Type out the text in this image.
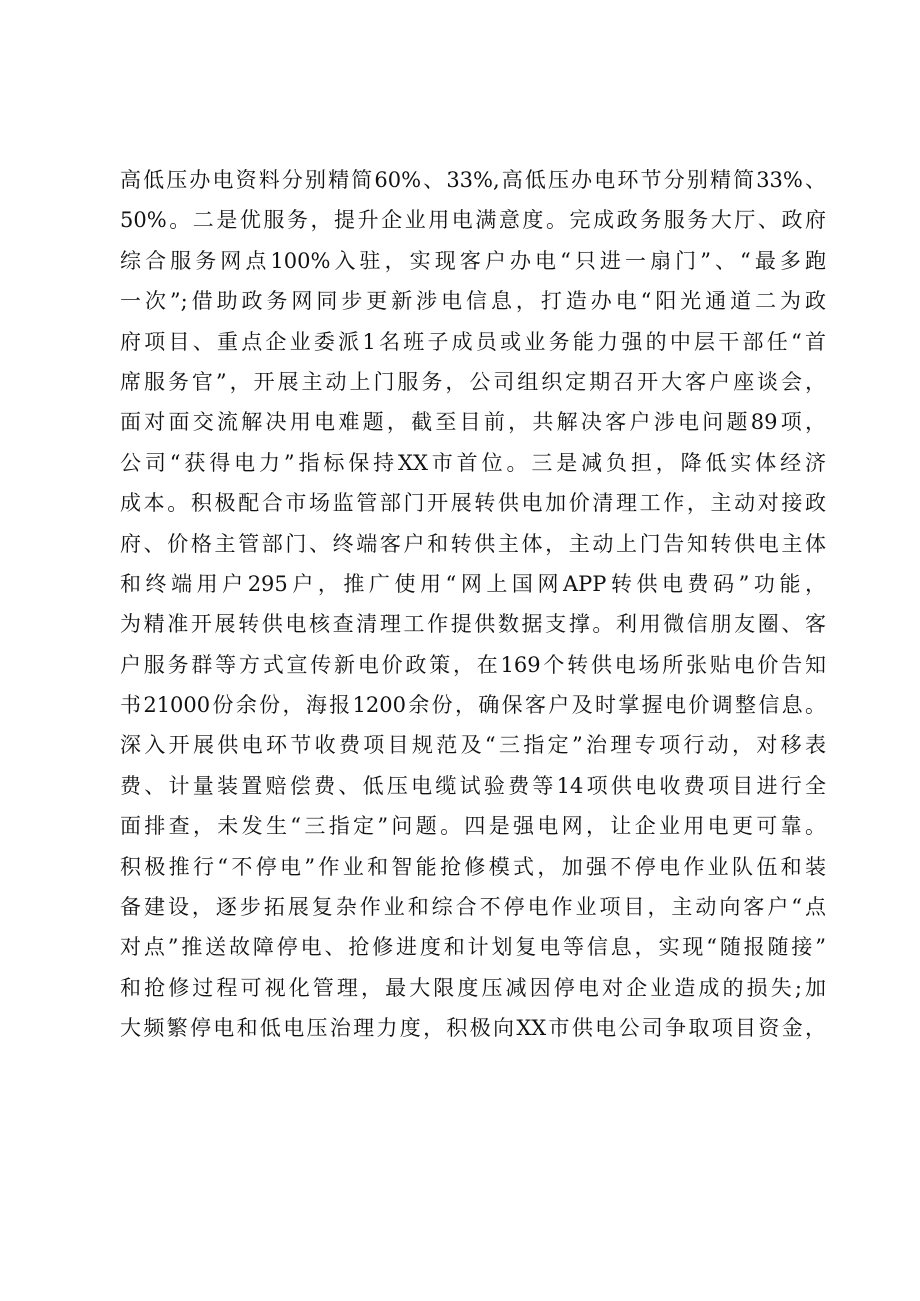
高低压办电资料分别精简60%、33%,高低压办电环节分别精简33%、
50%。二是优服务，提升企业用电满意度。完成政务服务大厅、政府
综合服务网点100%入驻，实现客户办电“只进一扇门”、“最多跑
一次”;借助政务网同步更新涉电信息，打造办电“阳光通道二为政
府项目、重点企业委派1名班子成员或业务能力强的中层干部任“首
席服务官”，开展主动上门服务，公司组织定期召开大客户座谈会，
面对面交流解决用电难题，截至目前，共解决客户涉电问题89项，
公司“获得电力”指标保持XX市首位。三是减负担，降低实体经济
成本。积极配合市场监管部门开展转供电加价清理工作，主动对接政
府、价格主管部门、终端客户和转供主体，主动上门告知转供电主体
和终端用户295户，推广使用“网上国网APP转供电费码”功能，
为精准开展转供电核查清理工作提供数据支撑。利用微信朋友圈、客
户服务群等方式宣传新电价政策，在169个转供电场所张贴电价告知
书21000份余份，海报1200余份，确保客户及时掌握电价调整信息。
深入开展供电环节收费项目规范及“三指定”治理专项行动，对移表
费、计量装置赔偿费、低压电缆试验费等14项供电收费项目进行全
面排查，未发生“三指定”问题。四是强电网，让企业用电更可靠。
积极推行“不停电”作业和智能抢修模式，加强不停电作业队伍和装
备建设，逐步拓展复杂作业和综合不停电作业项目，主动向客户“点
对点”推送故障停电、抢修进度和计划复电等信息，实现“随报随接”
和抢修过程可视化管理，最大限度压减因停电对企业造成的损失;加
大频繁停电和低电压治理力度，积极向XX市供电公司争取项目资金，
